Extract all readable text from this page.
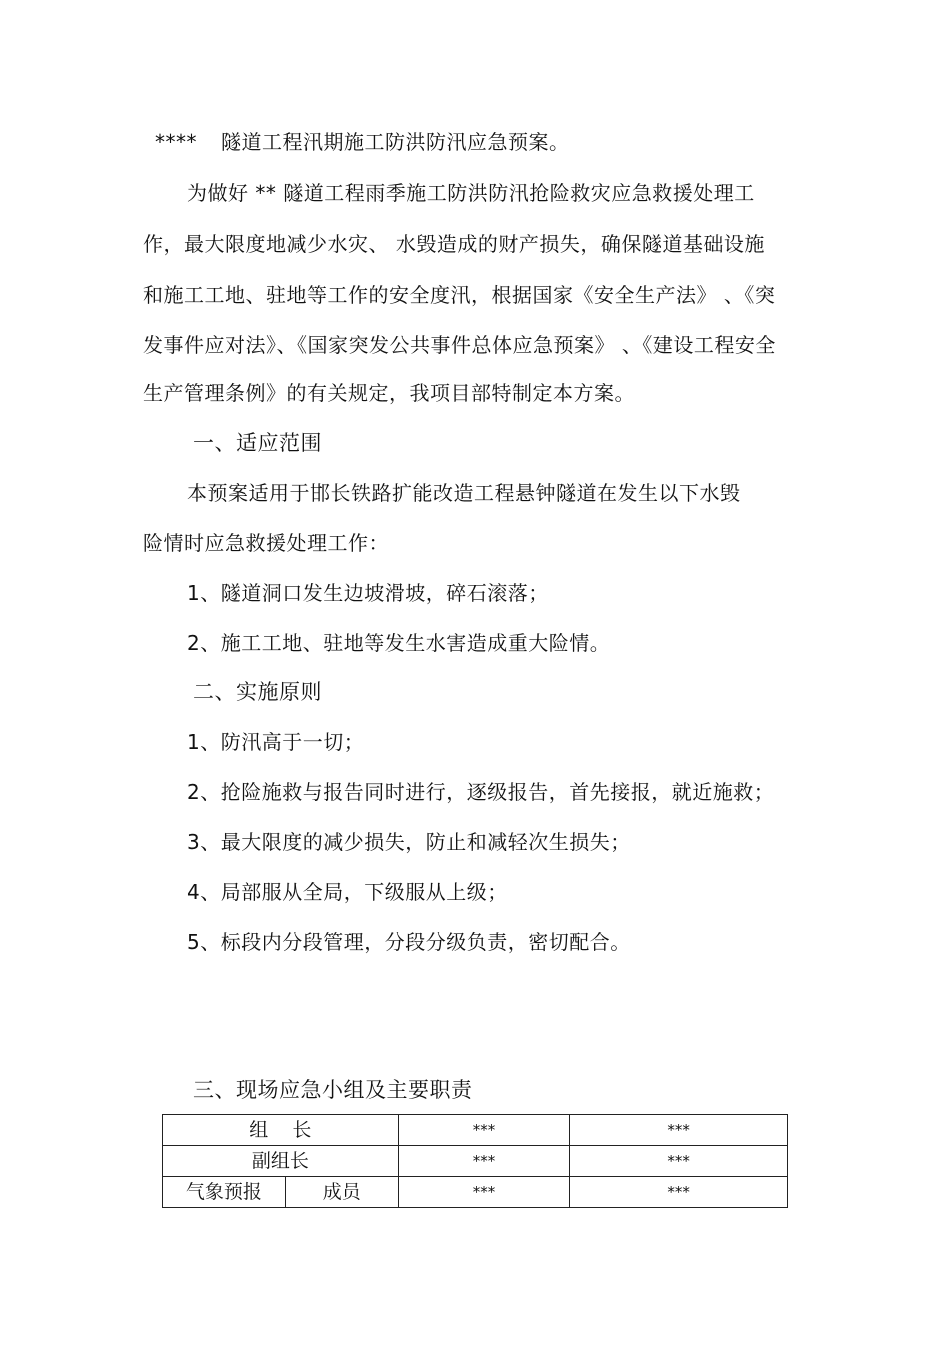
**** 隧道工程汛期施工防洪防汛应急预案。
为做好 ** 隧道工程雨季施工防洪防汛抢险救灾应急救援处理工
作，最大限度地减少水灾、 水毁造成的财产损失，确保隧道基础设施
和施工工地、驻地等工作的安全度汛，根据国家《安全生产法》 、《突
发事件应对法》、《国家突发公共事件总体应急预案》 、《建设工程安全
生产管理条例》的有关规定，我项目部特制定本方案。
一、适应范围
本预案适用于邯长铁路扩能改造工程悬钟隧道在发生以下水毁
险情时应急救援处理工作：
1、隧道洞口发生边坡滑坡，碎石滚落；
2、施工工地、驻地等发生水害造成重大险情。
二、实施原则
1、防汛高于一切；
2、抢险施救与报告同时进行，逐级报告，首先接报，就近施救；
3、最大限度的减少损失，防止和减轻次生损失；
4、局部服从全局，下级服从上级；
5、标段内分段管理，分段分级负责，密切配合。
三、现场应急小组及主要职责
组    长		***	***
副组长		***	***
气象预报	成员	***	***
